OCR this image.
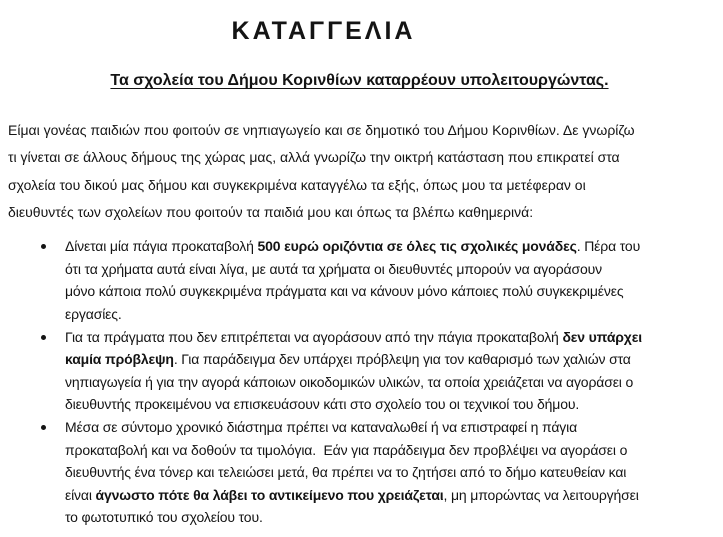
ΚΑΤΑΓΓΕΛΙΑ
Τα σχολεία του Δήμου Κορινθίων καταρρέουν υπολειτουργώντας.
Είμαι γονέας παιδιών που φοιτούν σε νηπιαγωγείο και σε δημοτικό του Δήμου Κορινθίων. Δε γνωρίζω
τι γίνεται σε άλλους δήμους της χώρας μας, αλλά γνωρίζω την οικτρή κατάσταση που επικρατεί στα
σχολεία του δικού μας δήμου και συγκεκριμένα καταγγέλω τα εξής, όπως μου τα μετέφεραν οι
διευθυντές των σχολείων που φοιτούν τα παιδιά μου και όπως τα βλέπω καθημερινά:
Δίνεται μία πάγια προκαταβολή 500 ευρώ οριζόντια σε όλες τις σχολικές μονάδες. Πέρα του
ότι τα χρήματα αυτά είναι λίγα, με αυτά τα χρήματα οι διευθυντές μπορούν να αγοράσουν
μόνο κάποια πολύ συγκεκριμένα πράγματα και να κάνουν μόνο κάποιες πολύ συγκεκριμένες
εργασίες.
Για τα πράγματα που δεν επιτρέπεται να αγοράσουν από την πάγια προκαταβολή δεν υπάρχει
καμία πρόβλεψη. Για παράδειγμα δεν υπάρχει πρόβλεψη για τον καθαρισμό των χαλιών στα
νηπιαγωγεία ή για την αγορά κάποιων οικοδομικών υλικών, τα οποία χρειάζεται να αγοράσει ο
διευθυντής προκειμένου να επισκευάσουν κάτι στο σχολείο του οι τεχνικοί του δήμου.
Μέσα σε σύντομο χρονικό διάστημα πρέπει να καταναλωθεί ή να επιστραφεί η πάγια
προκαταβολή και να δοθούν τα τιμολόγια.  Εάν για παράδειγμα δεν προβλέψει να αγοράσει ο
διευθυντής ένα τόνερ και τελειώσει μετά, θα πρέπει να το ζητήσει από το δήμο κατευθείαν και
είναι άγνωστο πότε θα λάβει το αντικείμενο που χρειάζεται, μη μπορώντας να λειτουργήσει
το φωτοτυπικό του σχολείου του.
